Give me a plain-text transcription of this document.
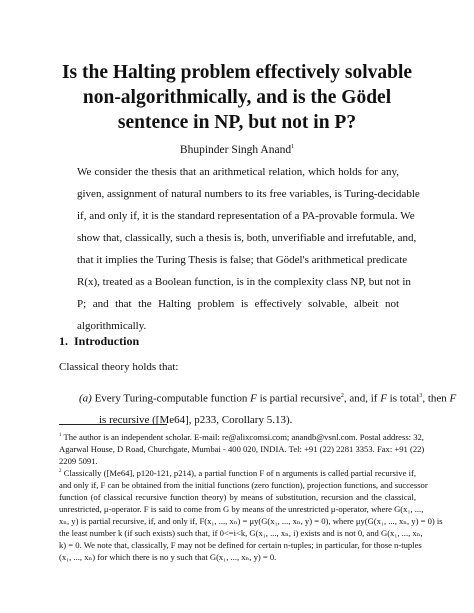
Is the Halting problem effectively solvable
non-algorithmically, and is the Gödel
sentence in NP, but not in P?
Bhupinder Singh Anand$^1$
We consider the thesis that an arithmetical relation, which holds for any,
given, assignment of natural numbers to its free variables, is Turing-decidable
if, and only if, it is the standard representation of a PA-provable formula. We
show that, classically, such a thesis is, both, unverifiable and irrefutable, and,
that it implies the Turing Thesis is false; that Gödel's arithmetical predicate
R(x), treated as a Boolean function, is in the complexity class NP, but not in
P; and that the Halting problem is effectively solvable, albeit not
algorithmically.
1. Introduction
Classical theory holds that:
(a) Every Turing-computable function F is partial recursive$^2$, and, if F is total$^3$, then F
is recursive ([Me64], p233, Corollary 5.13).
$^1$ The author is an independent scholar. E-mail: re@alixcomsi.com; anandb@vsnl.com. Postal address: 32,
Agarwal House, D Road, Churchgate, Mumbai - 400 020, INDIA. Tel: +91 (22) 2281 3353. Fax: +91 (22)
2209 5091.
$^2$ Classically ([Me64], p120-121, p214), a partial function F of n arguments is called partial recursive if,
and only if, F can be obtained from the initial functions (zero function), projection functions, and successor
function (of classical recursive function theory) by means of substitution, recursion and the classical,
unrestricted, μ-operator. F is said to come from G by means of the unrestricted μ-operator, where G(x₁, ...,
xₙ, y) is partial recursive, if, and only if, F(x₁, ..., xₙ) = μy(G(x₁, ..., xₙ, y) = 0), where μy(G(x₁, ..., xₙ, y) = 0) is
the least number k (if such exists) such that, if 0<=i<k, G(x₁, ..., xₙ, i) exists and is not 0, and G(x₁, ..., xₙ,
k) = 0. We note that, classically, F may not be defined for certain n-tuples; in particular, for those n-tuples
(x₁, ..., xₙ) for which there is no y such that G(x₁, ..., xₙ, y) = 0.
